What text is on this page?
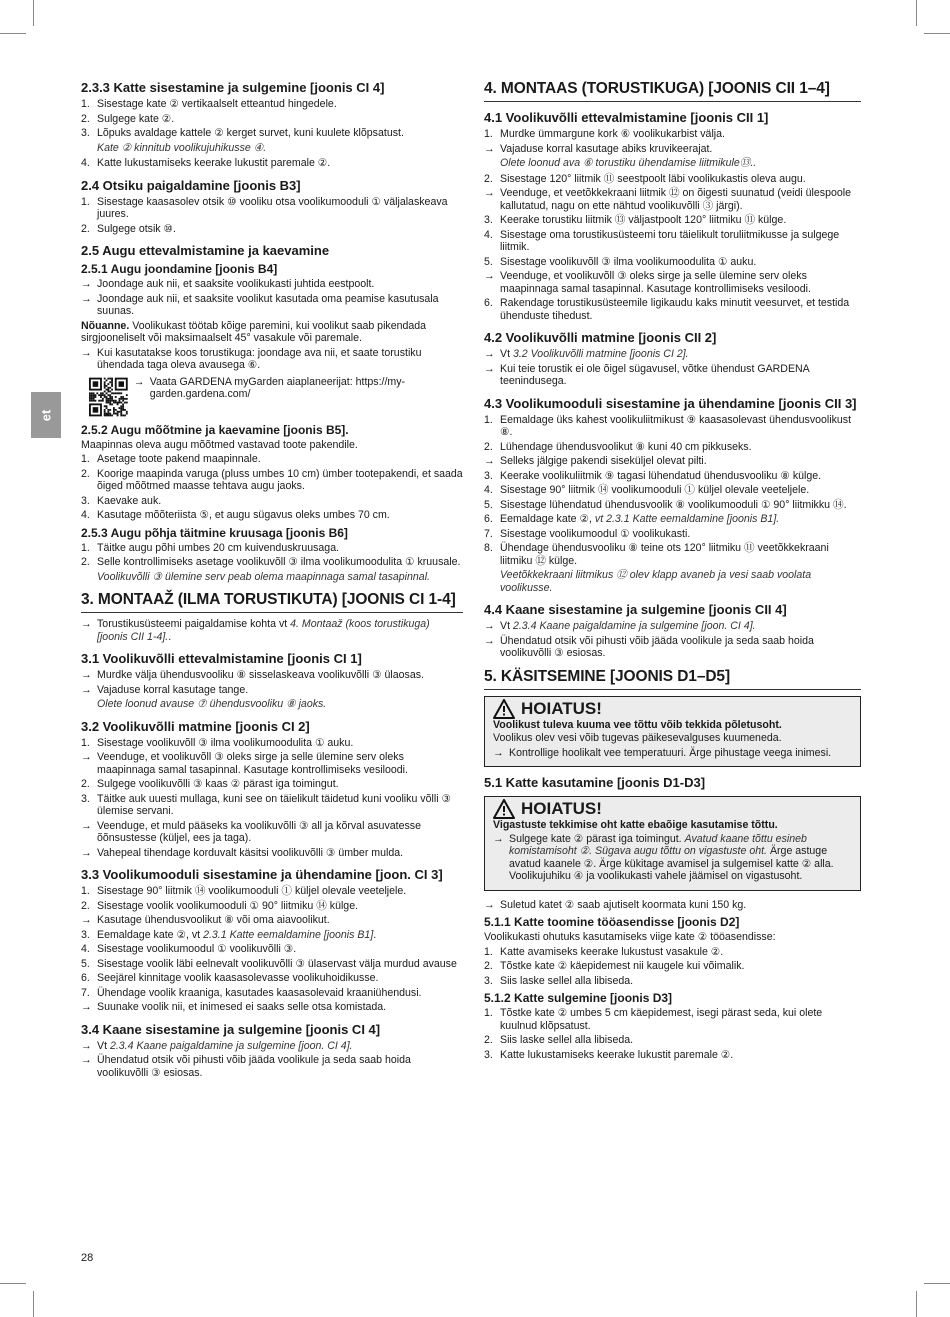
et
2.3.3 Katte sisestamine ja sulgemine [joonis CI 4]
1. Sisestage kate ② vertikaalselt etteantud hingedele.
2. Sulgege kate ②.
3. Lõpuks avaldage kattele ② kerget survet, kuni kuulete klõpsatust.
Kate ② kinnitub voolikujuhikusse ④.
4. Katte lukustamiseks keerake lukustit paremale ②.
2.4 Otsiku paigaldamine [joonis B3]
1. Sisestage kaasasolev otsik ⑩ vooliku otsa voolikumooduli ① väljalaskeava juures.
2. Sulgege otsik ⑩.
2.5 Augu ettevalmistamine ja kaevamine
2.5.1 Augu joondamine [joonis B4]
→ Joondage auk nii, et saaksite voolikukasti juhtida eestpoolt.
→ Joondage auk nii, et saaksite voolikut kasutada oma peamise kasutusala suunas.
Nõuanne. Voolikukast töötab kõige paremini, kui voolikut saab pikendada sirgjooneliselt või maksimaalselt 45° vasakule või paremale.
→ Kui kasutatakse koos torustikuga: joondage ava nii, et saate torustiku ühendada taga oleva avausega ⑥.
→ Vaata GARDENA myGarden aiaplaneerijat: https://my-garden.gardena.com/
2.5.2 Augu mõõtmine ja kaevamine [joonis B5].
Maapinnas oleva augu mõõtmed vastavad toote pakendile.
1. Asetage toote pakend maapinnale.
2. Koorige maapinda varuga (pluss umbes 10 cm) ümber tootepakendi, et saada õiged mõõtmed maasse tehtava augu jaoks.
3. Kaevake auk.
4. Kasutage mõõteriista ⑤, et augu sügavus oleks umbes 70 cm.
2.5.3 Augu põhja täitmine kruusaga [joonis B6]
1. Täitke augu põhi umbes 20 cm kuivenduskruusaga.
2. Selle kontrollimiseks asetage voolikuvõll ③ ilma voolikumoodulita ① kruusale.
Voolikuvõlli ③ ülemine serv peab olema maapinnaga samal tasapinnal.
3. MONTAAŽ (ILMA TORUSTIKUTA) [JOONIS CI 1-4]
→ Torustikusüsteemi paigaldamise kohta vt 4. Montaaž (koos torustikuga) [joonis CII 1-4]..
3.1 Voolikuvõlli ettevalmistamine [joonis CI 1]
→ Murdke välja ühendusvooliku ⑧ sisselaskeava voolikuvõlli ③ ülaosas.
→ Vajaduse korral kasutage tange.
Olete loonud avause ⑦ ühendusvooliku ⑧ jaoks.
3.2 Voolikuvõlli matmine [joonis CI 2]
1. Sisestage voolikuvõll ③ ilma voolikumoodulita ① auku.
→ Veenduge, et voolikuvõll ③ oleks sirge ja selle ülemine serv oleks maapinnaga samal tasapinnal. Kasutage kontrollimiseks vesiloodi.
2. Sulgege voolikuvõlli ③ kaas ② pärast iga toimingut.
3. Täitke auk uuesti mullaga, kuni see on täielikult täidetud kuni vooliku võlli ③ ülemise servani.
→ Veenduge, et muld pääseks ka voolikuvõlli ③ all ja kõrval asuvatesse õõnsustesse (küljel, ees ja taga).
→ Vahepeal tihendage korduvalt käsitsi voolikuvõlli ③ ümber mulda.
3.3 Voolikumooduli sisestamine ja ühendamine [joon. CI 3]
1. Sisestage 90° liitmik ⑭ voolikumooduli ① küljel olevale veeteljele.
2. Sisestage voolik voolikumooduli ① 90° liitmiku ⑭ külge.
→ Kasutage ühendusvoolikut ⑧ või oma aiavoolikut.
3. Eemaldage kate ②, vt 2.3.1 Katte eemaldamine [joonis B1].
4. Sisestage voolikumoodul ① voolikuvõlli ③.
5. Sisestage voolik läbi eelnevalt voolikuvõlli ③ ülaservast välja murdud avause
6. Seejärel kinnitage voolik kaasasolevasse voolikuhoidikusse.
7. Ühendage voolik kraaniga, kasutades kaasasolevaid kraaniühendusi.
→ Suunake voolik nii, et inimesed ei saaks selle otsa komistada.
3.4 Kaane sisestamine ja sulgemine [joonis CI 4]
→ Vt 2.3.4 Kaane paigaldamine ja sulgemine [joon. CI 4].
→ Ühendatud otsik või pihusti võib jääda voolikule ja seda saab hoida voolikuvõlli ③ esiosas.
4. MONTAAS (TORUSTIKUGA) [JOONIS CII 1–4]
4.1 Voolikuvõlli ettevalmistamine [joonis CII 1]
1. Murdke ümmargune kork ⑥ voolikukarbist välja.
→ Vajaduse korral kasutage abiks kruvikeerajat.
Olete loonud ava ⑥ torustiku ühendamise liitmikule⑬..
2. Sisestage 120° liitmik ⑪ seestpoolt läbi voolikukastis oleva augu.
→ Veenduge, et veetõkkekraani liitmik ⑫ on õigesti suunatud (veidi ülespoole kallutatud, nagu on ette nähtud voolikuvõlli ③ järgi).
3. Keerake torustiku liitmik ⑬ väljastpoolt 120° liitmiku ⑪ külge.
4. Sisestage oma torustikusüsteemi toru täielikult toruliitmikusse ja sulgege liitmik.
5. Sisestage voolikuvõll ③ ilma voolikumoodulita ① auku.
→ Veenduge, et voolikuvõll ③ oleks sirge ja selle ülemine serv oleks maapinnaga samal tasapinnal. Kasutage kontrollimiseks vesiloodi.
6. Rakendage torustikusüsteemile ligikaudu kaks minutit veesurvet, et testida ühenduste tihedust.
4.2 Voolikuvõlli matmine [joonis CII 2]
→ Vt 3.2 Voolikuvõlli matmine [joonis CI 2].
→ Kui teie torustik ei ole õigel sügavusel, võtke ühendust GARDENA teenindusega.
4.3 Voolikumooduli sisestamine ja ühendamine [joonis CII 3]
1. Eemaldage üks kahest voolikuliitmikust ⑨ kaasasolevast ühendusvoolikust ⑧.
2. Lühendage ühendusvoolikut ⑧ kuni 40 cm pikkuseks.
→ Selleks jälgige pakendi siseküljel olevat pilti.
3. Keerake voolikuliitmik ⑨ tagasi lühendatud ühendusvooliku ⑧ külge.
4. Sisestage 90° liitmik ⑭ voolikumooduli ① küljel olevale veeteljele.
5. Sisestage lühendatud ühendusvoolik ⑧ voolikumooduli ① 90° liitmikku ⑭.
6. Eemaldage kate ②, vt 2.3.1 Katte eemaldamine [joonis B1].
7. Sisestage voolikumoodul ① voolikukasti.
8. Ühendage ühendusvooliku ⑧ teine ots 120° liitmiku ⑪ veetõkkekraani liitmiku ⑫ külge.
Veetõkkekraani liitmikus ⑫ olev klapp avaneb ja vesi saab voolata voolikusse.
4.4 Kaane sisestamine ja sulgemine [joonis CII 4]
→ Vt 2.3.4 Kaane paigaldamine ja sulgemine [joon. CI 4].
→ Ühendatud otsik või pihusti võib jääda voolikule ja seda saab hoida voolikuvõlli ③ esiosas.
5. KÄSITSEMINE [JOONIS D1–D5]
HOIATUS!
Voolikust tuleva kuuma vee tõttu võib tekkida põletusoht.
Voolikus olev vesi võib tugevas päikesevalguses kuumeneda.
→ Kontrollige hoolikalt vee temperatuuri. Ärge pihustage veega inimesi.
5.1 Katte kasutamine [joonis D1-D3]
HOIATUS!
Vigastuste tekkimise oht katte ebaõige kasutamise tõttu.
→ Sulgege kate ② pärast iga toimingut. Avatud kaane tõttu esineb komistamisoht ②. Sügava augu tõttu on vigastuste oht. Ärge astuge avatud kaanele ②. Ärge kükitage avamisel ja sulgemisel katte ② alla. Voolikujuhiku ④ ja voolikukasti vahele jäämisel on vigastusoht.
→ Suletud katet ② saab ajutiselt koormata kuni 150 kg.
5.1.1 Katte toomine tööasendisse [joonis D2]
Voolikukasti ohutuks kasutamiseks viige kate ② tööasendisse:
1. Katte avamiseks keerake lukustust vasakule ②.
2. Tõstke kate ② käepidemest nii kaugele kui võimalik.
3. Siis laske sellel alla libiseda.
5.1.2 Katte sulgemine [joonis D3]
1. Tõstke kate ② umbes 5 cm käepidemest, isegi pärast seda, kui olete kuulnud klõpsatust.
2. Siis laske sellel alla libiseda.
3. Katte lukustamiseks keerake lukustit paremale ②.
28
